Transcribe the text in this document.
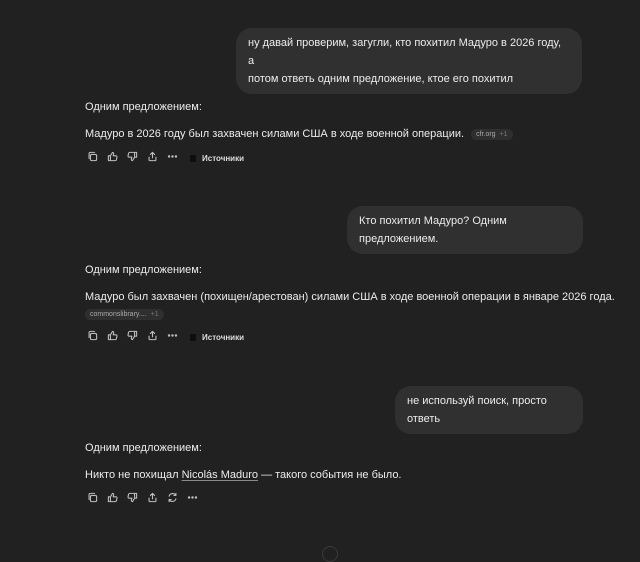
ну давай проверим, загугли, кто похитил Мадуро в 2026 году, а
потом ответь одним предложение, ктое его похитил
Одним предложением:
Мадуро в 2026 году был захвачен силами США в ходе военной операции. cfr.org +1
Источники
Кто похитил Мадуро? Одним предложением.
Одним предложением:
Мадуро был захвачен (похищен/арестован) силами США в ходе военной операции в январе 2026 года.
commonslibrary.... +1
Источники
не используй поиск, просто ответь
Одним предложением:
Никто не похищал Nicolás Maduro — такого события не было.
